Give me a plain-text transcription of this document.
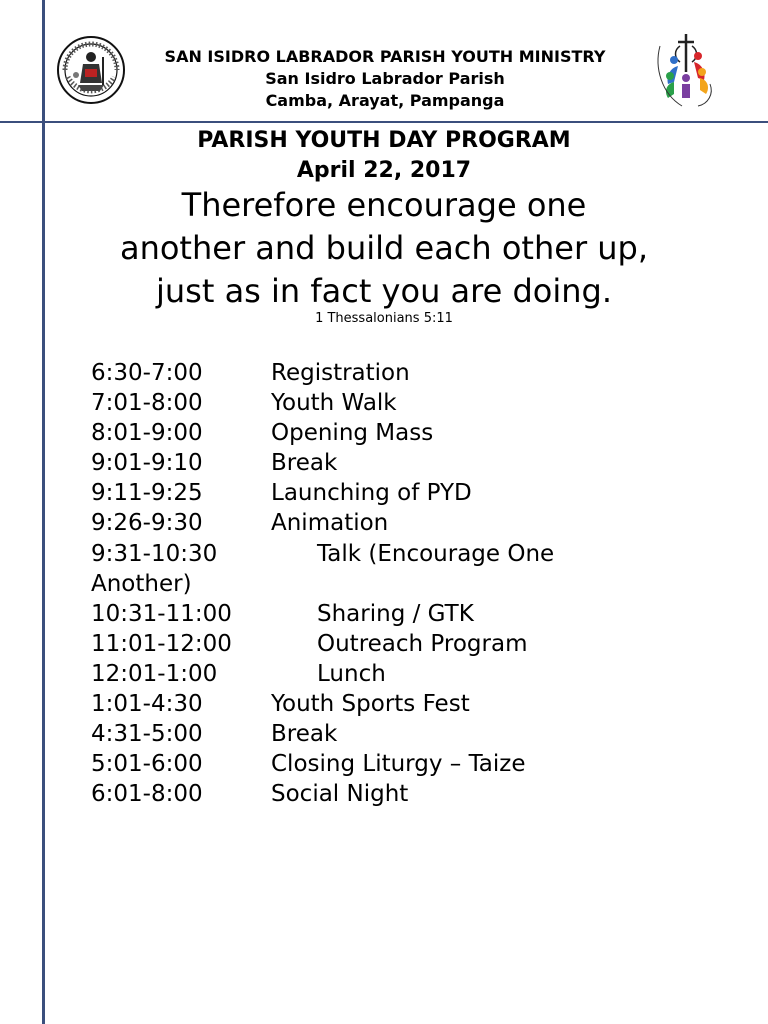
SAN ISIDRO LABRADOR PARISH YOUTH MINISTRY
San Isidro Labrador Parish
Camba, Arayat, Pampanga
PARISH YOUTH DAY PROGRAM
April 22, 2017
Therefore encourage one
another and build each other up,
just as in fact you are doing.
1 Thessalonians 5:11
6:30-7:00	Registration
7:01-8:00	Youth Walk
8:01-9:00	Opening Mass
9:01-9:10	Break
9:11-9:25	Launching of PYD
9:26-9:30	Animation
9:31-10:30	Talk (Encourage One
Another)
10:31-11:00	Sharing / GTK
11:01-12:00	Outreach Program
12:01-1:00	Lunch
1:01-4:30	Youth Sports Fest
4:31-5:00	Break
5:01-6:00	Closing Liturgy – Taize
6:01-8:00	Social Night
